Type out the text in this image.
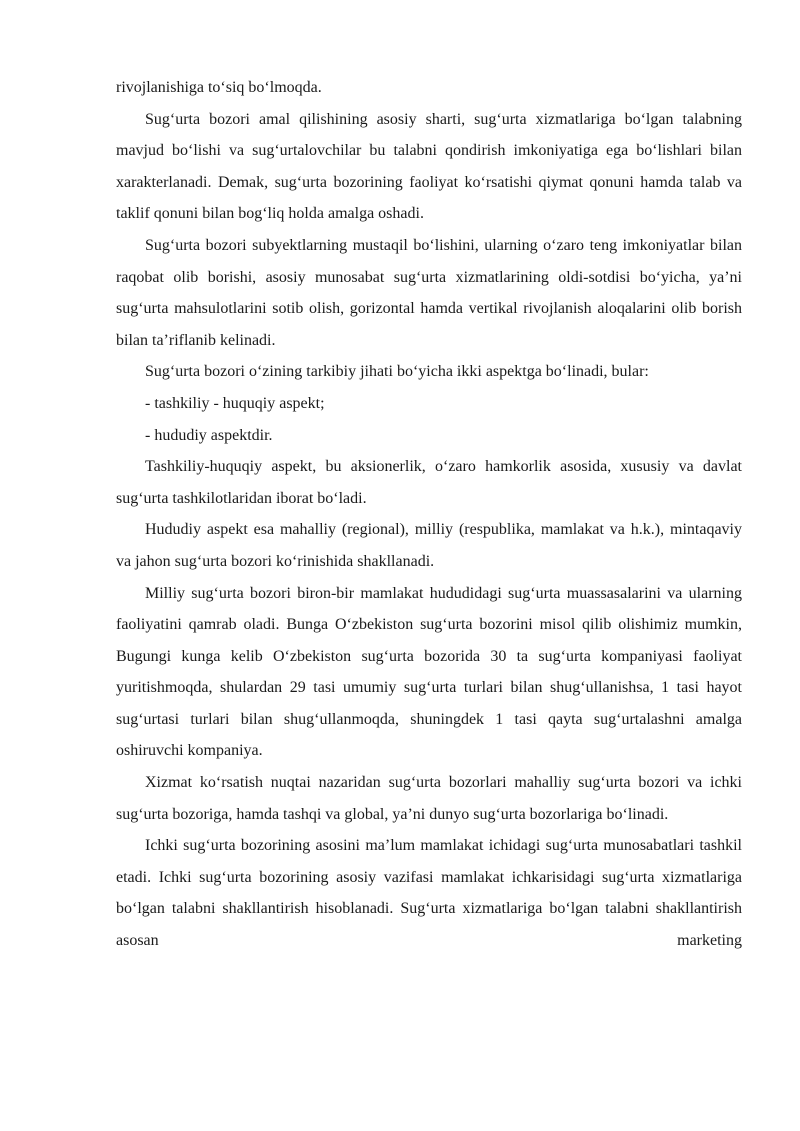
rivojlanishiga toʻsiq boʻlmoqda.

Sugʻurta bozori amal qilishining asosiy sharti, sugʻurta xizmatlariga boʻlgan talabning mavjud boʻlishi va sugʻurtalovchilar bu talabni qondirish imkoniyatiga ega boʻlishlari bilan xarakterlanadi. Demak, sugʻurta bozorining faoliyat koʻrsatishi qiymat qonuni hamda talab va taklif qonuni bilan bogʻliq holda amalga oshadi.

Sugʻurta bozori subyektlarning mustaqil boʻlishini, ularning oʻzaro teng imkoniyatlar bilan raqobat olib borishi, asosiy munosabat sugʻurta xizmatlarining oldi-sotdisi boʻyicha, yaʼni sugʻurta mahsulotlarini sotib olish, gorizontal hamda vertikal rivojlanish aloqalarini olib borish bilan taʼriflanib kelinadi.

Sugʻurta bozori oʻzining tarkibiy jihati boʻyicha ikki aspektga boʻlinadi, bular:

- tashkiliy - huquqiy aspekt;

- hududiy aspektdir.

Tashkiliy-huquqiy aspekt, bu aksionerlik, oʻzaro hamkorlik asosida, xususiy va davlat sugʻurta tashkilotlaridan iborat boʻladi.

Hududiy aspekt esa mahalliy (regional), milliy (respublika, mamlakat va h.k.), mintaqaviy va jahon sugʻurta bozori koʻrinishida shakllanadi.

Milliy sugʻurta bozori biron-bir mamlakat hududidagi sugʻurta muassasalarini va ularning faoliyatini qamrab oladi. Bunga Oʻzbekiston sugʻurta bozorini misol qilib olishimiz mumkin, Bugungi kunga kelib Oʻzbekiston sugʻurta bozorida 30 ta sugʻurta kompaniyasi faoliyat yuritishmoqda, shulardan 29 tasi umumiy sugʻurta turlari bilan shugʻullanishsa, 1 tasi hayot sugʻurtasi turlari bilan shugʻullanmoqda, shuningdek 1 tasi qayta sugʻurtalashni amalga oshiruvchi kompaniya.

Xizmat koʻrsatish nuqtai nazaridan sugʻurta bozorlari mahalliy sugʻurta bozori va ichki sugʻurta bozoriga, hamda tashqi va global, yaʼni dunyo sugʻurta bozorlariga boʻlinadi.

Ichki sugʻurta bozorining asosini maʼlum mamlakat ichidagi sugʻurta munosabatlari tashkil etadi. Ichki sugʻurta bozorining asosiy vazifasi mamlakat ichkarisidagi sugʻurta xizmatlariga boʻlgan talabni shakllantirish hisoblanadi. Sugʻurta xizmatlariga boʻlgan talabni shakllantirish asosan marketing
